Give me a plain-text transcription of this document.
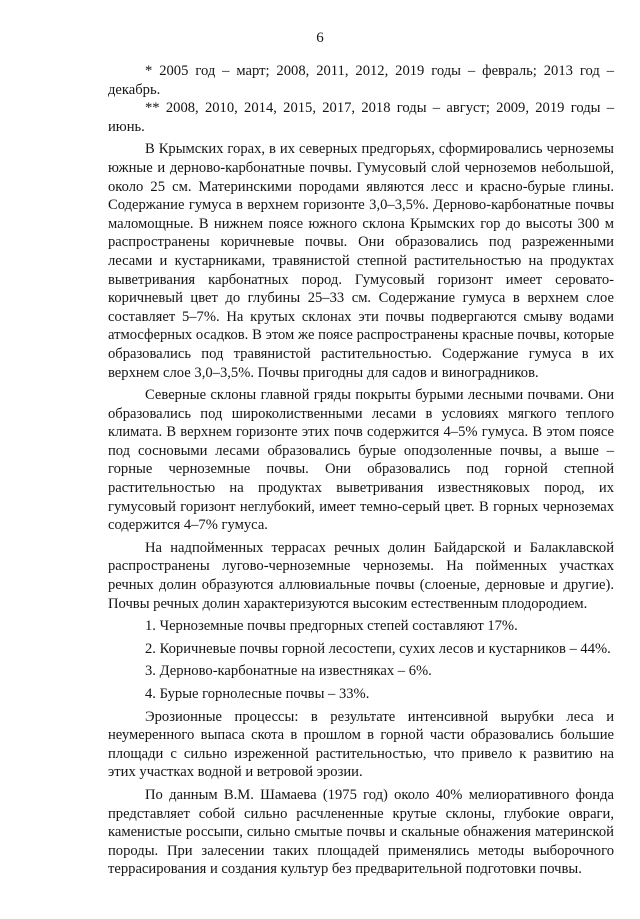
6

* 2005 год – март; 2008, 2011, 2012, 2019 годы – февраль; 2013 год – декабрь.

** 2008, 2010, 2014, 2015, 2017, 2018 годы – август; 2009, 2019 годы – июнь.

В Крымских горах, в их северных предгорьях, сформировались черноземы южные и дерново-карбонатные почвы. Гумусовый слой черноземов небольшой, около 25 см. Материнскими породами являются лесс и красно-бурые глины. Содержание гумуса в верхнем горизонте 3,0–3,5%. Дерново-карбонатные почвы маломощные. В нижнем поясе южного склона Крымских гор до высоты 300 м распространены коричневые почвы. Они образовались под разреженными лесами и кустарниками, травянистой степной растительностью на продуктах выветривания карбонатных пород. Гумусовый горизонт имеет серовато-коричневый цвет до глубины 25–33 см. Содержание гумуса в верхнем слое составляет 5–7%. На крутых склонах эти почвы подвергаются смыву водами атмосферных осадков. В этом же поясе распространены красные почвы, которые образовались под травянистой растительностью. Содержание гумуса в их верхнем слое 3,0–3,5%. Почвы пригодны для садов и виноградников.

Северные склоны главной гряды покрыты бурыми лесными почвами. Они образовались под широколиственными лесами в условиях мягкого теплого климата. В верхнем горизонте этих почв содержится 4–5% гумуса. В этом поясе под сосновыми лесами образовались бурые оподзоленные почвы, а выше – горные черноземные почвы. Они образовались под горной степной растительностью на продуктах выветривания известняковых пород, их гумусовый горизонт неглубокий, имеет темно-серый цвет. В горных черноземах содержится 4–7% гумуса.

На надпойменных террасах речных долин Байдарской и Балаклавской распространены лугово-черноземные черноземы. На пойменных участках речных долин образуются аллювиальные почвы (слоеные, дерновые и другие). Почвы речных долин характеризуются высоким естественным плодородием.

1. Черноземные почвы предгорных степей составляют 17%.

2. Коричневые почвы горной лесостепи, сухих лесов и кустарников – 44%.

3. Дерново-карбонатные на известняках – 6%.

4. Бурые горнолесные почвы – 33%.

Эрозионные процессы: в результате интенсивной вырубки леса и неумеренного выпаса скота в прошлом в горной части образовались большие площади с сильно изреженной растительностью, что привело к развитию на этих участках водной и ветровой эрозии.

По данным В.М. Шамаева (1975 год) около 40% мелиоративного фонда представляет собой сильно расчлененные крутые склоны, глубокие овраги, каменистые россыпи, сильно смытые почвы и скальные обнажения материнской породы. При залесении таких площадей применялись методы выборочного террасирования и создания культур без предварительной подготовки почвы.
